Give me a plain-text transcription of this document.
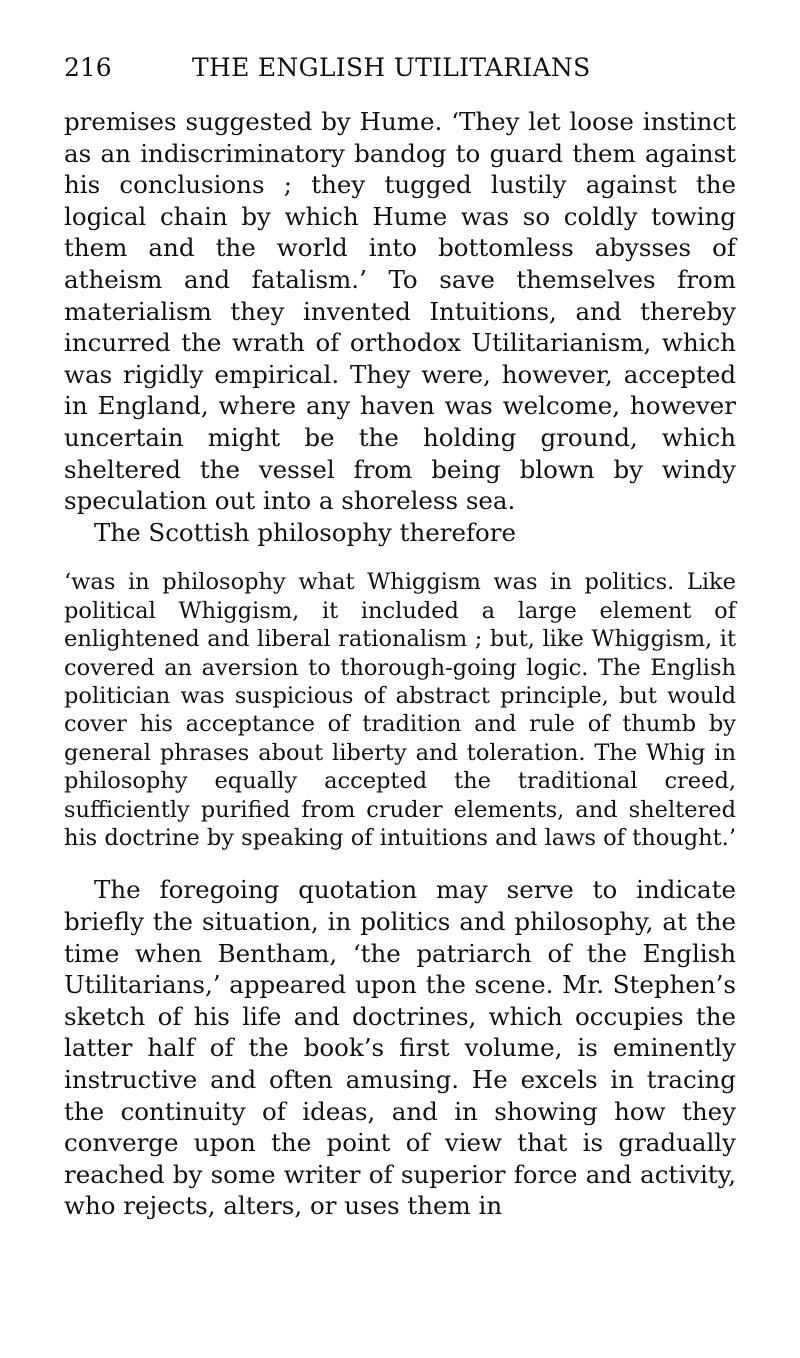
216	THE ENGLISH UTILITARIANS

premises suggested by Hume. ‘They let loose instinct as an indiscriminatory bandog to guard them against his conclusions ; they tugged lustily against the logical chain by which Hume was so coldly towing them and the world into bottomless abysses of atheism and fatalism.’ To save themselves from materialism they invented Intuitions, and thereby incurred the wrath of orthodox Utilitarianism, which was rigidly empirical. They were, however, accepted in England, where any haven was welcome, however uncertain might be the holding ground, which sheltered the vessel from being blown by windy speculation out into a shoreless sea.

The Scottish philosophy therefore

‘was in philosophy what Whiggism was in politics. Like political Whiggism, it included a large element of enlightened and liberal rationalism ; but, like Whiggism, it covered an aversion to thorough-going logic. The English politician was suspicious of abstract principle, but would cover his acceptance of tradition and rule of thumb by general phrases about liberty and toleration. The Whig in philosophy equally accepted the traditional creed, sufficiently purified from cruder elements, and sheltered his doctrine by speaking of intuitions and laws of thought.’

The foregoing quotation may serve to indicate briefly the situation, in politics and philosophy, at the time when Bentham, ‘the patriarch of the English Utilitarians,’ appeared upon the scene. Mr. Stephen’s sketch of his life and doctrines, which occupies the latter half of the book’s first volume, is eminently instructive and often amusing. He excels in tracing the continuity of ideas, and in showing how they converge upon the point of view that is gradually reached by some writer of superior force and activity, who rejects, alters, or uses them in
